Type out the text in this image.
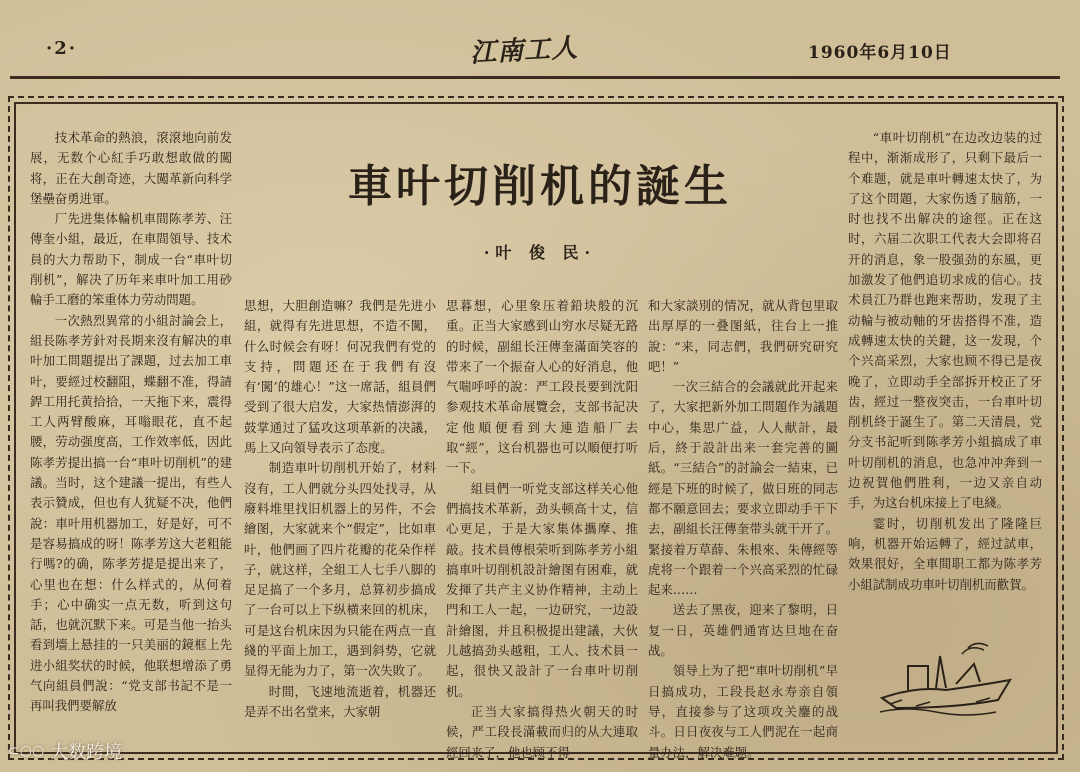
·2·	江南工人	1960年6月10日
車叶切削机的誕生
·叶 俊 民·

技术革命的熱浪，滾滾地向前发展，无数个心紅手巧敢想敢做的闖将，正在大創奇迹，大闖革新向科学堡壘奋勇进軍。

厂先进集体輪机車間陈孝芳、汪傳奎小組，最近，在車間領导、技术員的大力帮助下，制成一台“車叶切削机”，解决了历年来車叶加工用砂輪手工磨的笨重体力劳动問題。

一次熱烈異常的小組討論会上，組長陈孝芳針对長期来沒有解决的車叶加工問題提出了課題，过去加工車叶，要經过校翻阻，蝶翻不准，得請銲工用托黄拾拾，一天拖下来，震得工人两臂酸麻，耳嗡眼花，直不起腰，劳动强度高，工作效率低，因此陈孝芳提出搞一台“車叶切削机”的建議。当时，这个建議一提出，有些人表示贊成，但也有人犹疑不决，他們說：車叶用机器加工，好是好，可不是容易搞成的呀！陈孝芳这大老粗能行嗎?的确，陈孝芳提是提出来了，心里也在想：什么样式的，从何着手；心中确实一点无数，听到这句話，也就沉默下来。可是当他一抬头看到墻上悬挂的一只美丽的鏡框上先进小組奖状的时候，他联想增添了勇气向組員們說：“党支部书記不是一再叫我們要解放

思想，大胆創造嘛？我們是先进小組，就得有先进思想，不造不闖，什么时候会有呀！何况我們有党的支持，問題还在于我們有沒有‘闖’的雄心！”这一席話，組員們受到了很大启发，大家热情澎湃的鼓掌通过了猛攻这项革新的决議，馬上又向領导表示了态度。

制造車叶切削机开始了，材料沒有，工人們就分头四处找寻，从廢料堆里找旧机器上的另件，不会繪图，大家就来个“假定”，比如車叶，他們画了四片花瓣的花朵作样子，就这样，全組工人七手八脚的足足搞了一个多月，总算初步搞成了一台可以上下纵横来回的机床，可是这台机床因为只能在两点一直綫的平面上加工，遇到斜势，它就显得无能为力了，第一次失敗了。

时間，飞速地流逝着，机器还是弄不出名堂来，大家朝

思暮想，心里象压着鉛块般的沉重。正当大家感到山穷水尽疑无路的时候，副組长汪傳奎滿面笑容的带来了一个振奋人心的好消息，他气喘呼呼的說：严工段長要到沈阳参观技术革命展覽会，支部书記决定他順便看到大連造船厂去取“經”，这台机器也可以順便打听一下。

組員們一听党支部这样关心他們搞技术革新，劲头顿高十丈，信心更足，于是大家集体攜摩、推敲。技术員傅根荣听到陈孝芳小組搞車叶切削机設計繪图有困难，就发揮了共产主义协作精神，主动上門和工人一起，一边研究，一边設計繪图，并且积极提出建議，大伙儿越搞劲头越粗，工人、技术員一起，很快又設計了一台車叶切削机。

正当大家搞得热火朝天的时候，严工段長滿載而归的从大連取經回来了，他也顾不得

和大家談別的情况，就从背包里取出厚厚的一叠图紙，往台上一推說：“来，同志們，我們研究研究吧！”

一次三結合的会議就此开起来了，大家把新外加工問題作为議題中心，集思广益，人人献計，最后，終于設計出来一套完善的圖紙。“三結合”的討論会一結束，已經是下班的时候了，做日班的同志都不願意回去；要求立即动手干下去，副組长汪傳奎带头就干开了。緊接着万草薛、朱根來、朱傳經等虎将一个跟着一个兴高采烈的忙碌起来……

送去了黑夜，迎来了黎明，日复一日，英雄們通宵达旦地在奋战。

領导上为了把“車叶切削机”早日搞成功，工段長赵永寿亲自領导，直接参与了这项攻关鏖的战斗。日日夜夜与工人們泥在一起商量办法，解决难题。

“車叶切削机”在边改边装的过程中，渐渐成形了，只剩下最后一个难题，就是車叶轉速太快了，为了这个問題，大家伤透了脑筋，一时也找不出解决的途徑。正在这时，六届二次职工代表大会即将召开的消息，象一股强劲的东風，更加激发了他們追切求成的信心。技术員江乃群也跑来帮助，发現了主动輪与被动軸的牙齿搭得不准，造成轉速太快的关鍵，这一发現，个个兴高采烈，大家也顾不得已是夜晚了，立即动手全部拆开校正了牙齿，經过一整夜突击，一台車叶切削机終于誕生了。第二天清晨，党分支书記听到陈孝芳小組搞成了車叶切削机的消息，也急冲冲奔到一边祝賀他們胜利，一边又亲自动手，为这台机床接上了电綫。

霎时，切削机发出了隆隆巨响，机器开始运轉了，經过試車，效果很好，全車間职工都为陈孝芳小組試制成功車叶切削机而歡賀。

⊂○○ 大数跨境
